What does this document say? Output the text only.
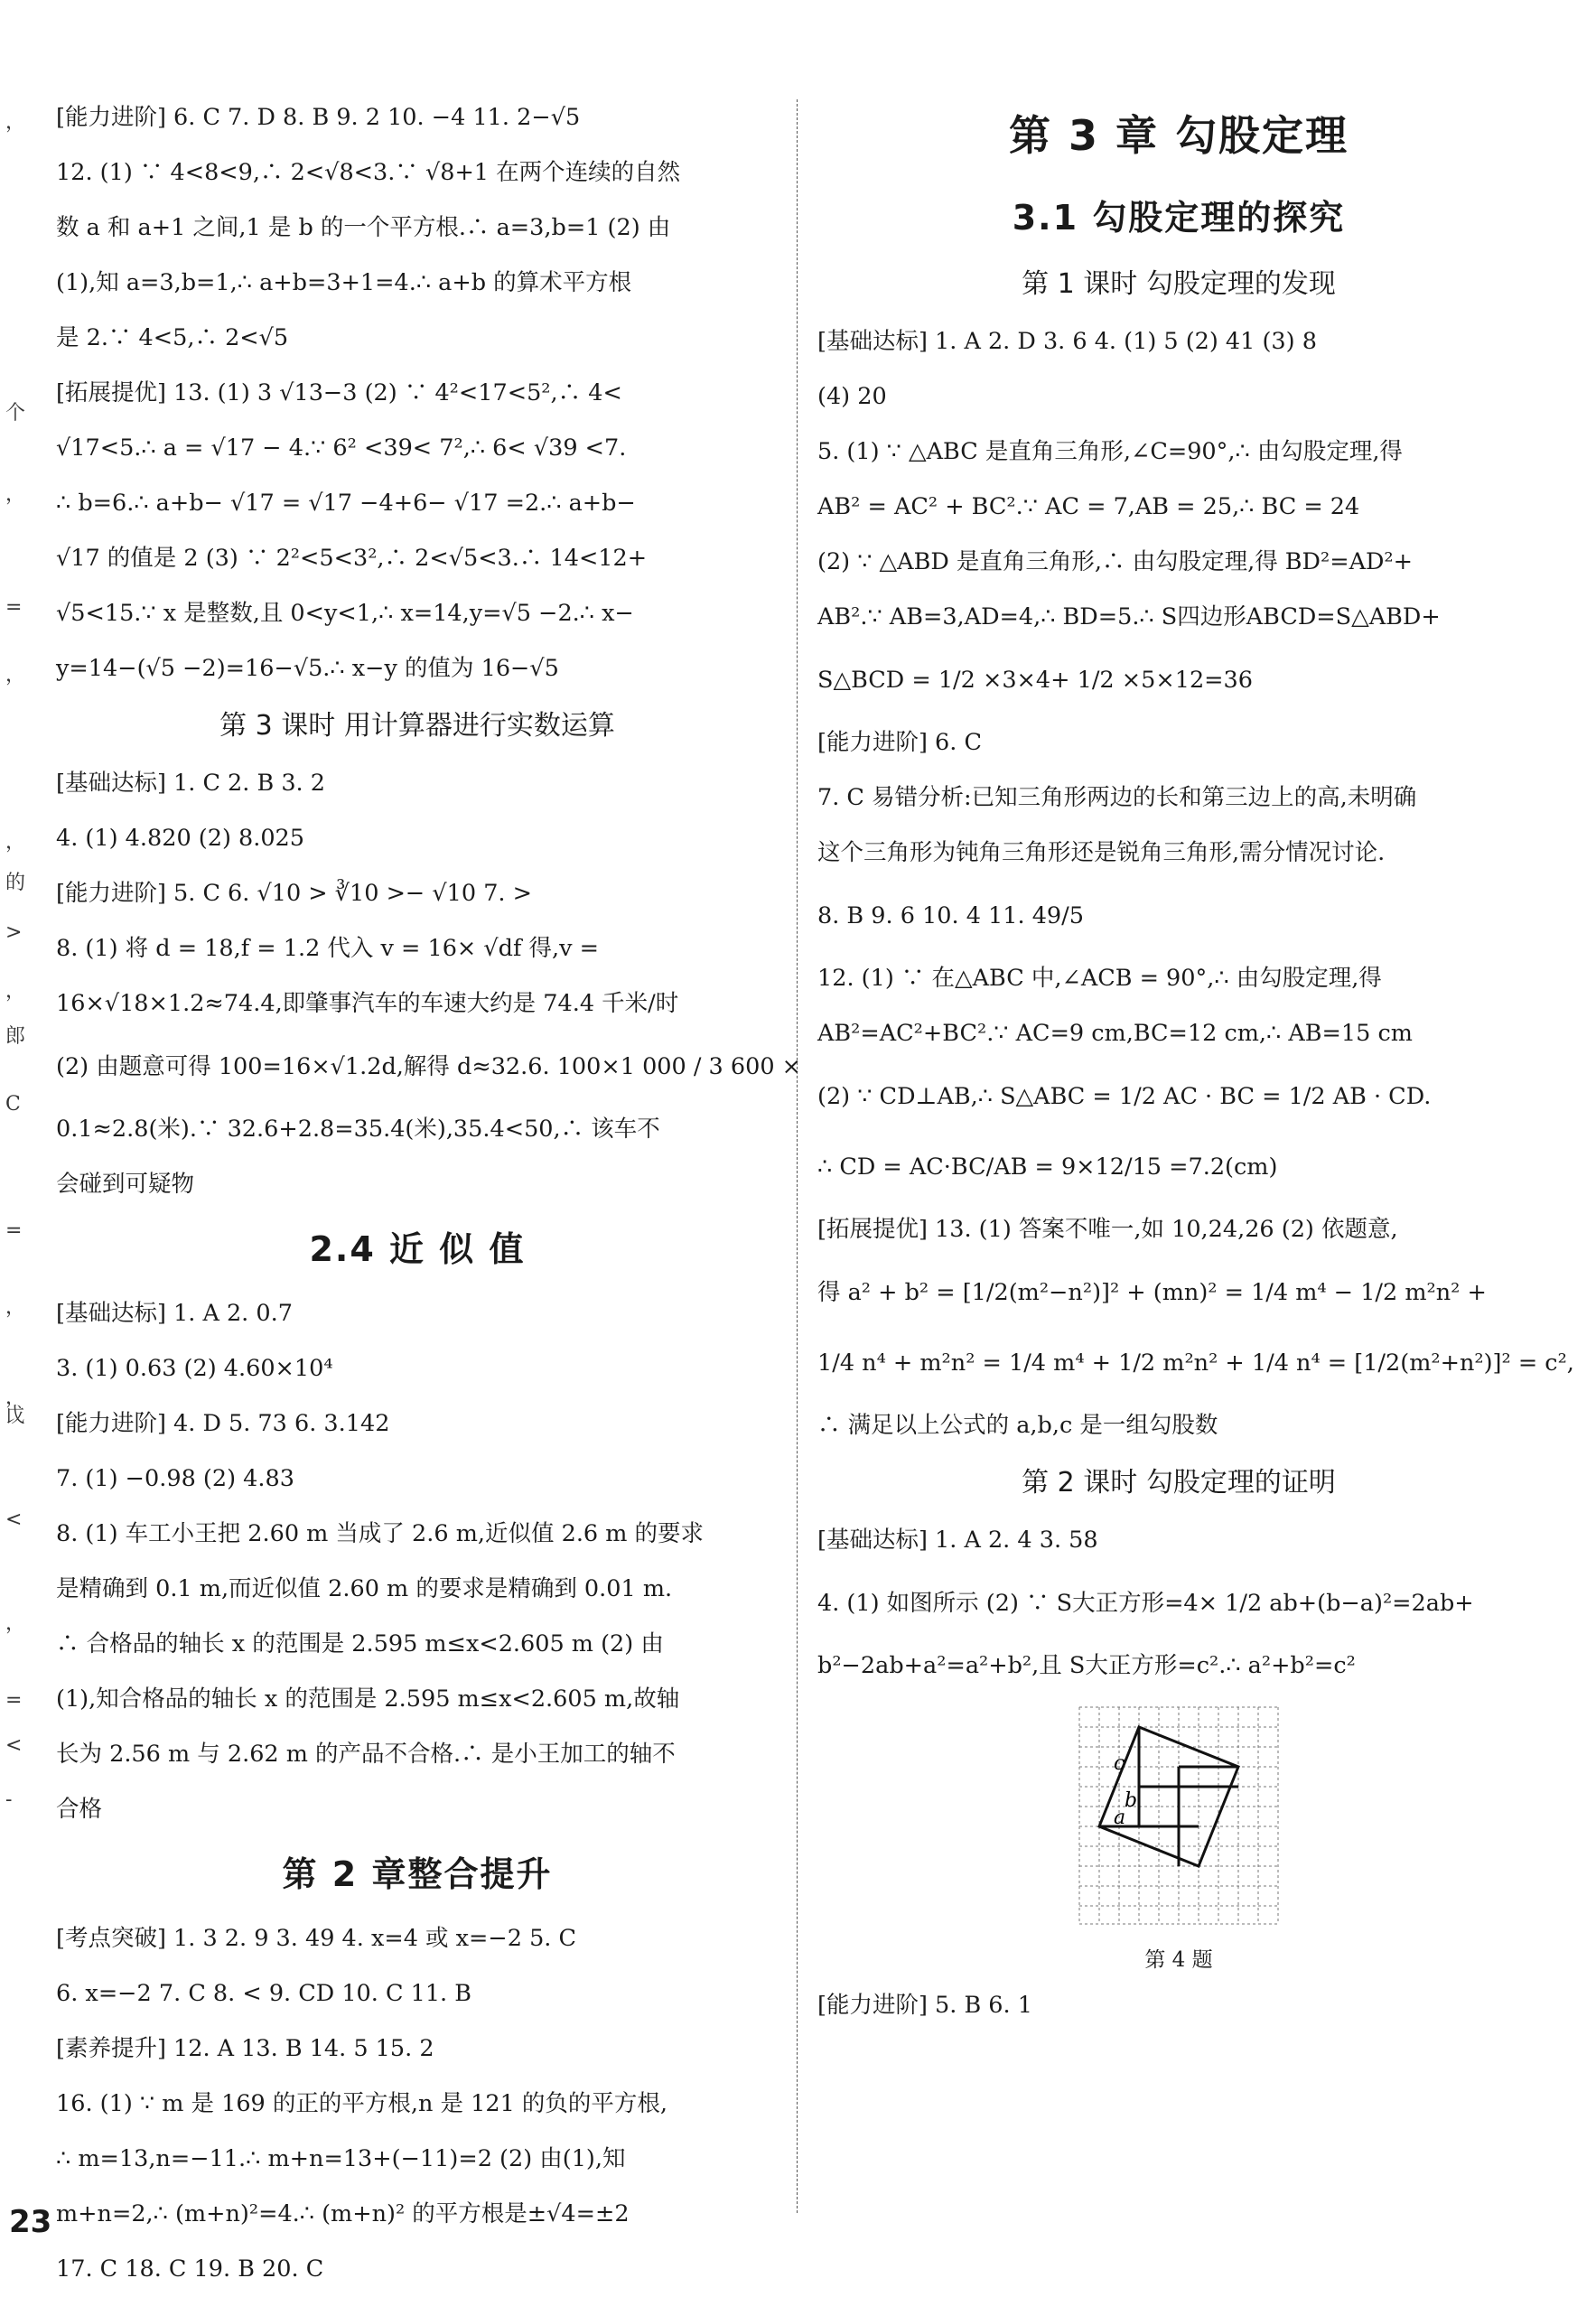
，
个
，
=
，
，
的
>
，
郎
C
=
，
，
戉
<
，
=
<
-
[能力进阶] 6. C 7. D 8. B 9. 2 10. −4 11. 2−√5
12. (1) ∵ 4<8<9,∴ 2<√8<3.∵ √8+1 在两个连续的自然
数 a 和 a+1 之间,1 是 b 的一个平方根.∴ a=3,b=1 (2) 由
(1),知 a=3,b=1,∴ a+b=3+1=4.∴ a+b 的算术平方根
是 2.∵ 4<5,∴ 2<√5
[拓展提优] 13. (1) 3 √13−3 (2) ∵ 4²<17<5²,∴ 4<
√17<5.∴ a = √17 − 4.∵ 6² <39< 7²,∴ 6< √39 <7.
∴ b=6.∴ a+b− √17 = √17 −4+6− √17 =2.∴ a+b−
√17 的值是 2 (3) ∵ 2²<5<3²,∴ 2<√5<3.∴ 14<12+
√5<15.∵ x 是整数,且 0<y<1,∴ x=14,y=√5 −2.∴ x−
y=14−(√5 −2)=16−√5.∴ x−y 的值为 16−√5
第 3 课时 用计算器进行实数运算
[基础达标] 1. C 2. B 3. 2
4. (1) 4.820 (2) 8.025
[能力进阶] 5. C 6. √10 > ∛10 >− √10 7. >
8. (1) 将 d = 18,f = 1.2 代入 v = 16× √df 得,v =
16×√18×1.2≈74.4,即肇事汽车的车速大约是 74.4 千米/时
(2) 由题意可得 100=16×√1.2d,解得 d≈32.6. 100×1 000 / 3 600 ×
0.1≈2.8(米).∵ 32.6+2.8=35.4(米),35.4<50,∴ 该车不
会碰到可疑物
2.4 近 似 值
[基础达标] 1. A 2. 0.7
3. (1) 0.63 (2) 4.60×10⁴
[能力进阶] 4. D 5. 73 6. 3.142
7. (1) −0.98 (2) 4.83
8. (1) 车工小王把 2.60 m 当成了 2.6 m,近似值 2.6 m 的要求
是精确到 0.1 m,而近似值 2.60 m 的要求是精确到 0.01 m.
∴ 合格品的轴长 x 的范围是 2.595 m≤x<2.605 m (2) 由
(1),知合格品的轴长 x 的范围是 2.595 m≤x<2.605 m,故轴
长为 2.56 m 与 2.62 m 的产品不合格.∴ 是小王加工的轴不
合格
第 2 章整合提升
[考点突破] 1. 3 2. 9 3. 49 4. x=4 或 x=−2 5. C
6. x=−2 7. C 8. < 9. CD 10. C 11. B
[素养提升] 12. A 13. B 14. 5 15. 2
16. (1) ∵ m 是 169 的正的平方根,n 是 121 的负的平方根,
∴ m=13,n=−11.∴ m+n=13+(−11)=2 (2) 由(1),知
m+n=2,∴ (m+n)²=4.∴ (m+n)² 的平方根是±√4=±2
17. C 18. C 19. B 20. C
第 3 章 勾股定理
3.1 勾股定理的探究
第 1 课时 勾股定理的发现
[基础达标] 1. A 2. D 3. 6 4. (1) 5 (2) 41 (3) 8
(4) 20
5. (1) ∵ △ABC 是直角三角形,∠C=90°,∴ 由勾股定理,得
AB² = AC² + BC².∵ AC = 7,AB = 25,∴ BC = 24
(2) ∵ △ABD 是直角三角形,∴ 由勾股定理,得 BD²=AD²+
AB².∵ AB=3,AD=4,∴ BD=5.∴ S四边形ABCD=S△ABD+
S△BCD = 1/2 ×3×4+ 1/2 ×5×12=36
[能力进阶] 6. C
7. C 易错分析:已知三角形两边的长和第三边上的高,未明确
这个三角形为钝角三角形还是锐角三角形,需分情况讨论.
8. B 9. 6 10. 4 11. 49/5
12. (1) ∵ 在△ABC 中,∠ACB = 90°,∴ 由勾股定理,得
AB²=AC²+BC².∵ AC=9 cm,BC=12 cm,∴ AB=15 cm
(2) ∵ CD⊥AB,∴ S△ABC = 1/2 AC · BC = 1/2 AB · CD.
∴ CD = AC·BC/AB = 9×12/15 =7.2(cm)
[拓展提优] 13. (1) 答案不唯一,如 10,24,26 (2) 依题意,
得 a² + b² = [1/2(m²−n²)]² + (mn)² = 1/4 m⁴ − 1/2 m²n² +
1/4 n⁴ + m²n² = 1/4 m⁴ + 1/2 m²n² + 1/4 n⁴ = [1/2(m²+n²)]² = c²,
∴ 满足以上公式的 a,b,c 是一组勾股数
第 2 课时 勾股定理的证明
[基础达标] 1. A 2. 4 3. 58
4. (1) 如图所示 (2) ∵ S大正方形=4× 1/2 ab+(b−a)²=2ab+
b²−2ab+a²=a²+b²,且 S大正方形=c².∴ a²+b²=c²
c
b
a
第 4 题
[能力进阶] 5. B 6. 1
23
